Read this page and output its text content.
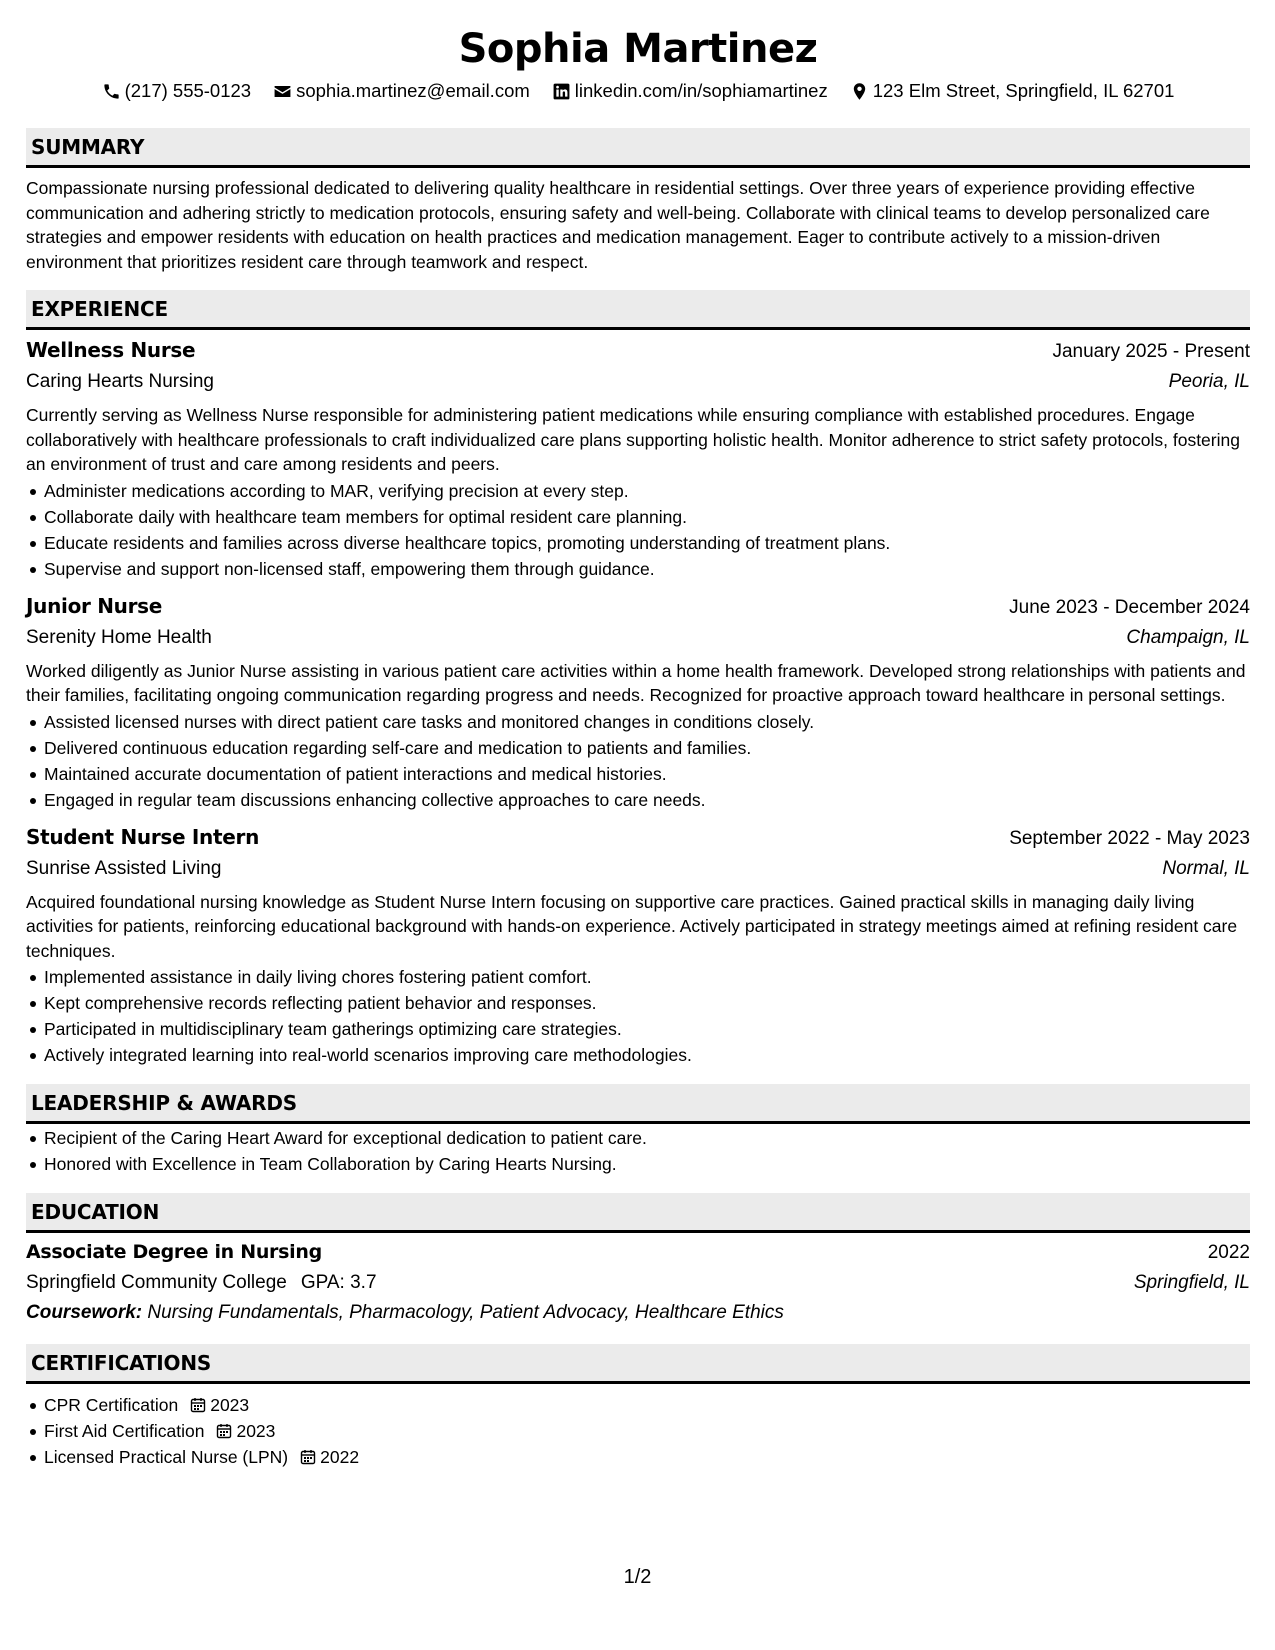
Sophia Martinez
(217) 555-0123 sophia.martinez@email.com linkedin.com/in/sophiamartinez 123 Elm Street, Springfield, IL 62701
SUMMARY

Compassionate nursing professional dedicated to delivering quality healthcare in residential settings. Over three years of experience providing effective communication and adhering strictly to medication protocols, ensuring safety and well-being. Collaborate with clinical teams to develop personalized care strategies and empower residents with education on health practices and medication management. Eager to contribute actively to a mission-driven environment that prioritizes resident care through teamwork and respect.

EXPERIENCE
Wellness Nurse	January 2025 - Present
Caring Hearts Nursing	Peoria, IL

Currently serving as Wellness Nurse responsible for administering patient medications while ensuring compliance with established procedures. Engage collaboratively with healthcare professionals to craft individualized care plans supporting holistic health. Monitor adherence to strict safety protocols, fostering an environment of trust and care among residents and peers.

Administer medications according to MAR, verifying precision at every step.
Collaborate daily with healthcare team members for optimal resident care planning.
Educate residents and families across diverse healthcare topics, promoting understanding of treatment plans.
Supervise and support non-licensed staff, empowering them through guidance.
Junior Nurse	June 2023 - December 2024
Serenity Home Health	Champaign, IL

Worked diligently as Junior Nurse assisting in various patient care activities within a home health framework. Developed strong relationships with patients and their families, facilitating ongoing communication regarding progress and needs. Recognized for proactive approach toward healthcare in personal settings.

Assisted licensed nurses with direct patient care tasks and monitored changes in conditions closely.
Delivered continuous education regarding self-care and medication to patients and families.
Maintained accurate documentation of patient interactions and medical histories.
Engaged in regular team discussions enhancing collective approaches to care needs.
Student Nurse Intern	September 2022 - May 2023
Sunrise Assisted Living	Normal, IL

Acquired foundational nursing knowledge as Student Nurse Intern focusing on supportive care practices. Gained practical skills in managing daily living activities for patients, reinforcing educational background with hands-on experience. Actively participated in strategy meetings aimed at refining resident care techniques.

Implemented assistance in daily living chores fostering patient comfort.
Kept comprehensive records reflecting patient behavior and responses.
Participated in multidisciplinary team gatherings optimizing care strategies.
Actively integrated learning into real-world scenarios improving care methodologies.
LEADERSHIP & AWARDS
Recipient of the Caring Heart Award for exceptional dedication to patient care.
Honored with Excellence in Team Collaboration by Caring Hearts Nursing.
EDUCATION
Associate Degree in Nursing	2022
Springfield Community College GPA: 3.7	Springfield, IL
Coursework: Nursing Fundamentals, Pharmacology, Patient Advocacy, Healthcare Ethics
CERTIFICATIONS
CPR Certification 2023
First Aid Certification 2023
Licensed Practical Nurse (LPN) 2022
1/2
